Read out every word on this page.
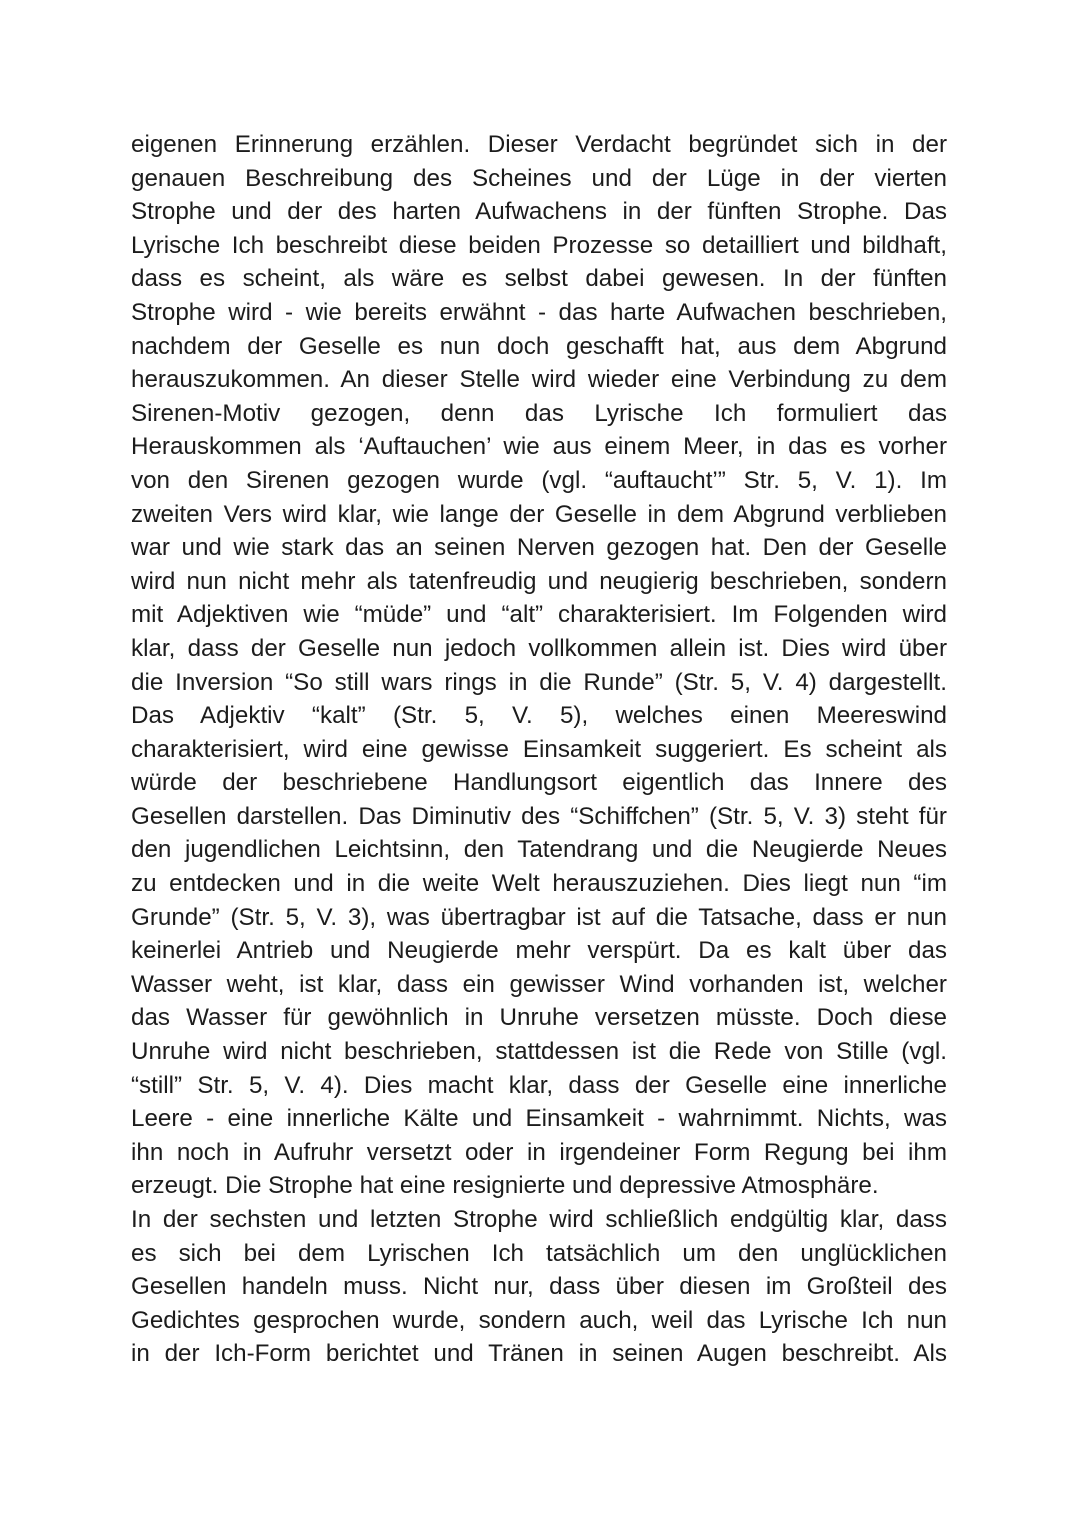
eigenen Erinnerung erzählen. Dieser Verdacht begründet sich in der
genauen Beschreibung des Scheines und der Lüge in der vierten
Strophe und der des harten Aufwachens in der fünften Strophe. Das
Lyrische Ich beschreibt diese beiden Prozesse so detailliert und bildhaft,
dass es scheint, als wäre es selbst dabei gewesen. In der fünften
Strophe wird - wie bereits erwähnt - das harte Aufwachen beschrieben,
nachdem der Geselle es nun doch geschafft hat, aus dem Abgrund
herauszukommen. An dieser Stelle wird wieder eine Verbindung zu dem
Sirenen-Motiv gezogen, denn das Lyrische Ich formuliert das
Herauskommen als ‘Auftauchen’ wie aus einem Meer, in das es vorher
von den Sirenen gezogen wurde (vgl. “auftaucht’” Str. 5, V. 1). Im
zweiten Vers wird klar, wie lange der Geselle in dem Abgrund verblieben
war und wie stark das an seinen Nerven gezogen hat. Den der Geselle
wird nun nicht mehr als tatenfreudig und neugierig beschrieben, sondern
mit Adjektiven wie “müde” und “alt” charakterisiert. Im Folgenden wird
klar, dass der Geselle nun jedoch vollkommen allein ist. Dies wird über
die Inversion “So still wars rings in die Runde” (Str. 5, V. 4) dargestellt.
Das Adjektiv “kalt” (Str. 5, V. 5), welches einen Meereswind
charakterisiert, wird eine gewisse Einsamkeit suggeriert. Es scheint als
würde der beschriebene Handlungsort eigentlich das Innere des
Gesellen darstellen. Das Diminutiv des “Schiffchen” (Str. 5, V. 3) steht für
den jugendlichen Leichtsinn, den Tatendrang und die Neugierde Neues
zu entdecken und in die weite Welt herauszuziehen. Dies liegt nun “im
Grunde” (Str. 5, V. 3), was übertragbar ist auf die Tatsache, dass er nun
keinerlei Antrieb und Neugierde mehr verspürt. Da es kalt über das
Wasser weht, ist klar, dass ein gewisser Wind vorhanden ist, welcher
das Wasser für gewöhnlich in Unruhe versetzen müsste. Doch diese
Unruhe wird nicht beschrieben, stattdessen ist die Rede von Stille (vgl.
“still” Str. 5, V. 4). Dies macht klar, dass der Geselle eine innerliche
Leere - eine innerliche Kälte und Einsamkeit - wahrnimmt. Nichts, was
ihn noch in Aufruhr versetzt oder in irgendeiner Form Regung bei ihm
erzeugt. Die Strophe hat eine resignierte und depressive Atmosphäre.
In der sechsten und letzten Strophe wird schließlich endgültig klar, dass
es sich bei dem Lyrischen Ich tatsächlich um den unglücklichen
Gesellen handeln muss. Nicht nur, dass über diesen im Großteil des
Gedichtes gesprochen wurde, sondern auch, weil das Lyrische Ich nun
in der Ich-Form berichtet und Tränen in seinen Augen beschreibt. Als
